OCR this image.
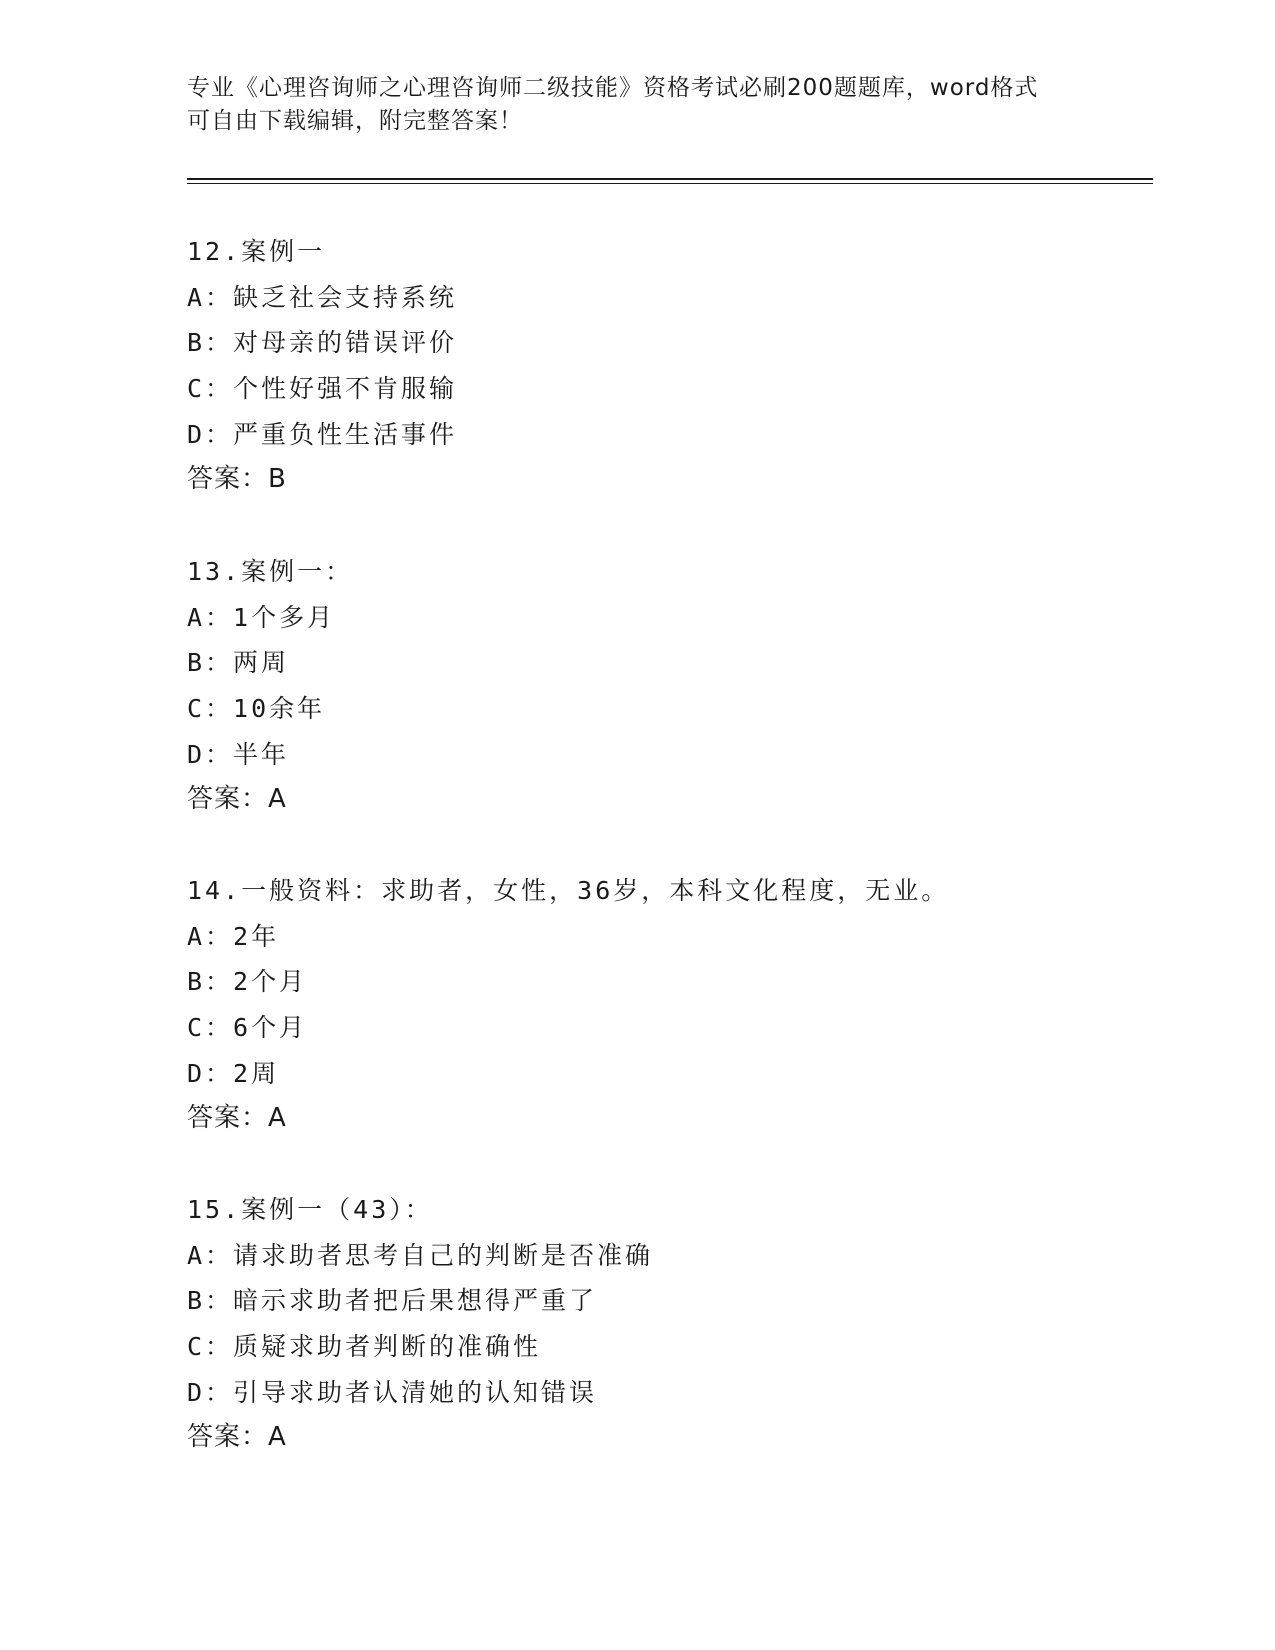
专业《心理咨询师之心理咨询师二级技能》资格考试必刷200题题库，word格式
可自由下载编辑，附完整答案！
12.案例一
A：缺乏社会支持系统
B：对母亲的错误评价
C：个性好强不肯服输
D：严重负性生活事件
答案：B
13.案例一：
A：1个多月
B：两周
C：10余年
D：半年
答案：A
14.一般资料：求助者，女性，36岁，本科文化程度，无业。
A：2年
B：2个月
C：6个月
D：2周
答案：A
15.案例一（43）：
A：请求助者思考自己的判断是否准确
B：暗示求助者把后果想得严重了
C：质疑求助者判断的准确性
D：引导求助者认清她的认知错误
答案：A
